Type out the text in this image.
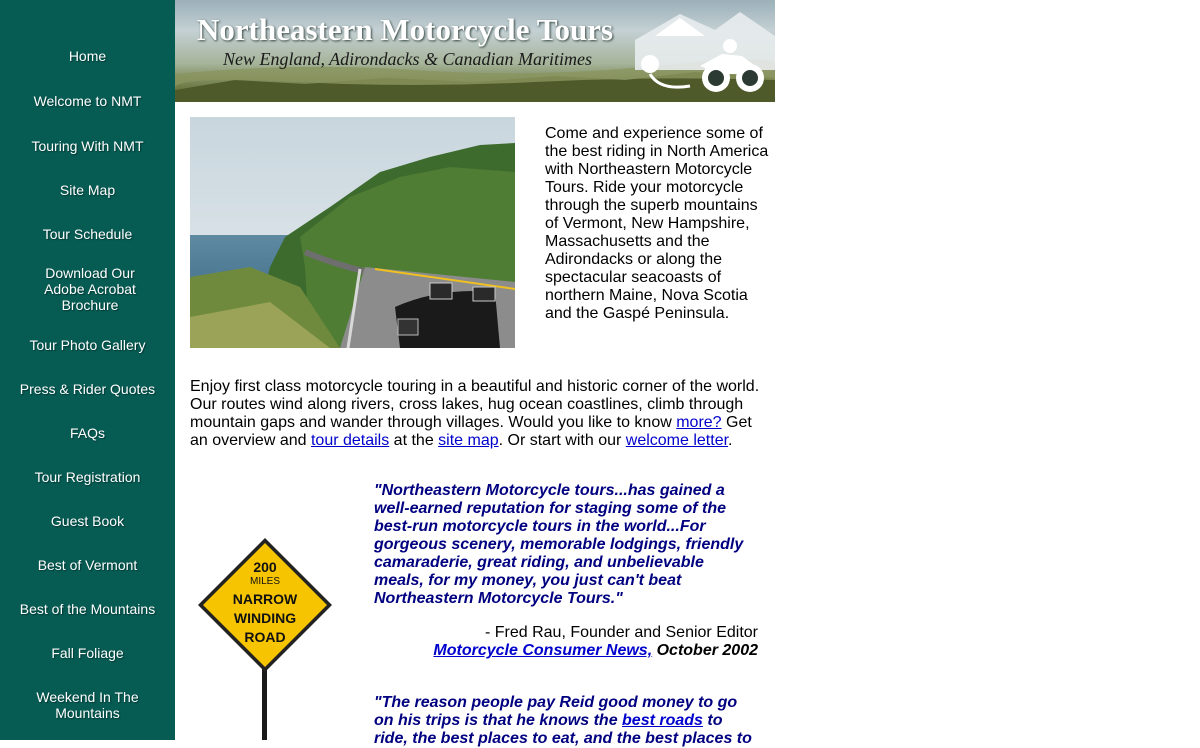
Home
Welcome to NMT
Touring With NMT
Site Map
Tour Schedule
Download Our Adobe Acrobat Brochure
Tour Photo Gallery
Press & Rider Quotes
FAQs
Tour Registration
Guest Book
Best of Vermont
Best of the Mountains
Fall Foliage
Weekend In The Mountains
Northeastern Motorcycle Tours
New England, Adirondacks & Canadian Maritimes
Come and experience some of the best riding in North America with Northeastern Motorcycle Tours. Ride your motorcycle through the superb mountains of Vermont, New Hampshire, Massachusetts and the Adirondacks or along the spectacular seacoasts of northern Maine, Nova Scotia and the Gaspé Peninsula.
Enjoy first class motorcycle touring in a beautiful and historic corner of the world. Our routes wind along rivers, cross lakes, hug ocean coastlines, climb through mountain gaps and wander through villages. Would you like to know more? Get an overview and tour details at the site map. Or start with our welcome letter.
200
MILES
NARROW
WINDING
ROAD
"Northeastern Motorcycle tours...has gained a well-earned reputation for staging some of the best-run motorcycle tours in the world...For gorgeous scenery, memorable lodgings, friendly camaraderie, great riding, and unbelievable meals, for my money, you just can't beat Northeastern Motorcycle Tours."
- Fred Rau, Founder and Senior Editor
Motorcycle Consumer News, October 2002
"The reason people pay Reid good money to go on his trips is that he knows the best roads to ride, the best places to eat, and the best places to
